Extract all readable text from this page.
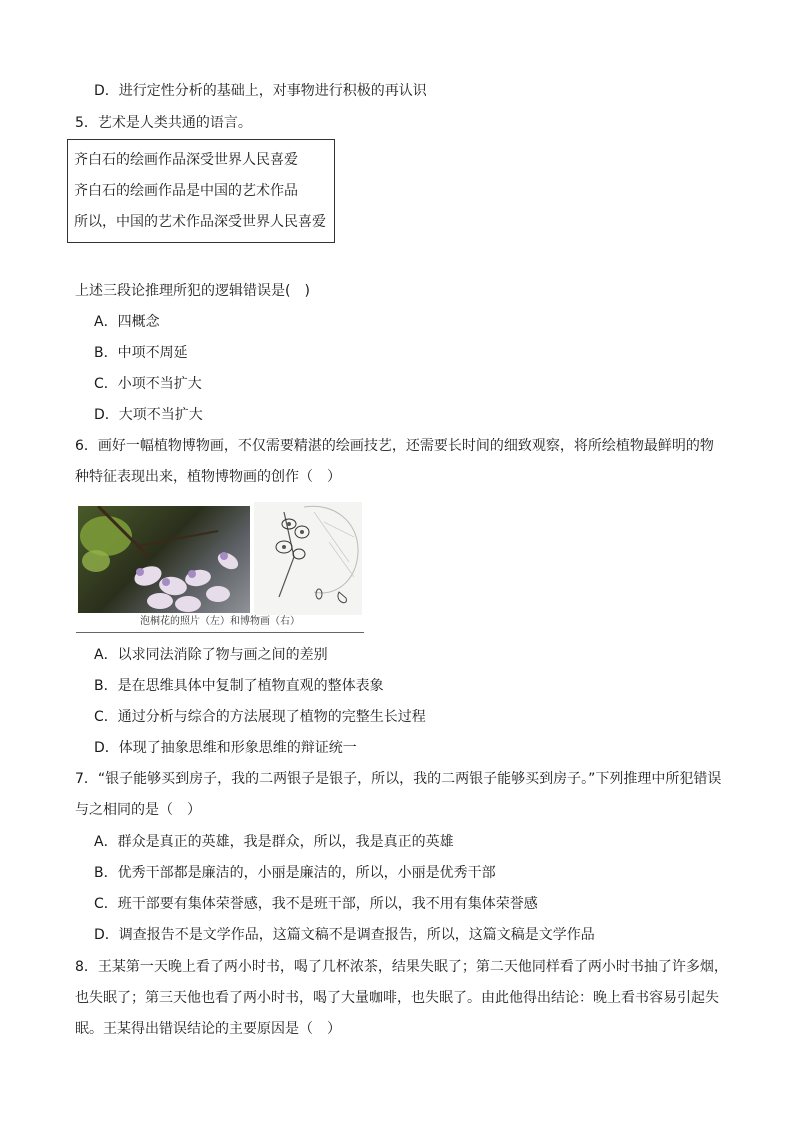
D．进行定性分析的基础上，对事物进行积极的再认识
5．艺术是人类共通的语言。
齐白石的绘画作品深受世界人民喜爱
齐白石的绘画作品是中国的艺术作品
所以，中国的艺术作品深受世界人民喜爱
上述三段论推理所犯的逻辑错误是(　)
A．四概念
B．中项不周延
C．小项不当扩大
D．大项不当扩大
6．画好一幅植物博物画，不仅需要精湛的绘画技艺，还需要长时间的细致观察，将所绘植物最鲜明的物
种特征表现出来，植物博物画的创作（　）
泡桐花的照片（左）和博物画（右）
A．以求同法消除了物与画之间的差别
B．是在思维具体中复制了植物直观的整体表象
C．通过分析与综合的方法展现了植物的完整生长过程
D．体现了抽象思维和形象思维的辩证统一
7．“银子能够买到房子，我的二两银子是银子，所以，我的二两银子能够买到房子。”下列推理中所犯错误
与之相同的是（　）
A．群众是真正的英雄，我是群众，所以，我是真正的英雄
B．优秀干部都是廉洁的，小丽是廉洁的，所以，小丽是优秀干部
C．班干部要有集体荣誉感，我不是班干部，所以，我不用有集体荣誉感
D．调查报告不是文学作品，这篇文稿不是调查报告，所以，这篇文稿是文学作品
8．王某第一天晚上看了两小时书，喝了几杯浓茶，结果失眠了；第二天他同样看了两小时书抽了许多烟，
也失眠了；第三天他也看了两小时书，喝了大量咖啡，也失眠了。由此他得出结论：晚上看书容易引起失
眠。王某得出错误结论的主要原因是（　）
